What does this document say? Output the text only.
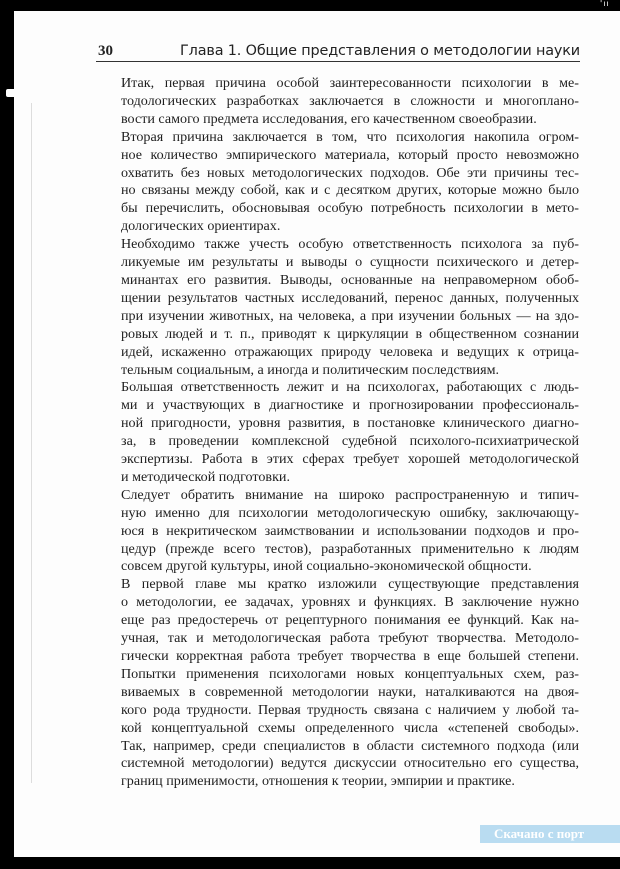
'ıı
30	Глава 1. Общие представления о методологии науки

Итак, первая причина особой заинтересованности психологии в ме-
тодологических разработках заключается в сложности и многоплано-
вости самого предмета исследования, его качественном своеобразии.

Вторая причина заключается в том, что психология накопила огром-
ное количество эмпирического материала, который просто невозможно
охватить без новых методологических подходов. Обе эти причины тес-
но связаны между собой, как и с десятком других, которые можно было
бы перечислить, обосновывая особую потребность психологии в мето-
дологических ориентирах.

Необходимо также учесть особую ответственность психолога за пуб-
ликуемые им результаты и выводы о сущности психического и детер-
минантах его развития. Выводы, основанные на неправомерном обоб-
щении результатов частных исследований, перенос данных, полученных
при изучении животных, на человека, а при изучении больных — на здо-
ровых людей и т. п., приводят к циркуляции в общественном сознании
идей, искаженно отражающих природу человека и ведущих к отрица-
тельным социальным, а иногда и политическим последствиям.

Большая ответственность лежит и на психологах, работающих с людь-
ми и участвующих в диагностике и прогнозировании профессиональ-
ной пригодности, уровня развития, в постановке клинического диагно-
за, в проведении комплексной судебной психолого-психиатрической
экспертизы. Работа в этих сферах требует хорошей методологической
и методической подготовки.

Следует обратить внимание на широко распространенную и типич-
ную именно для психологии методологическую ошибку, заключающу-
юся в некритическом заимствовании и использовании подходов и про-
цедур (прежде всего тестов), разработанных применительно к людям
совсем другой культуры, иной социально-экономической общности.

В первой главе мы кратко изложили существующие представления
о методологии, ее задачах, уровнях и функциях. В заключение нужно
еще раз предостеречь от рецептурного понимания ее функций. Как на-
учная, так и методологическая работа требуют творчества. Методоло-
гически корректная работа требует творчества в еще большей степени.
Попытки применения психологами новых концептуальных схем, раз-
виваемых в современной методологии науки, наталкиваются на двоя-
кого рода трудности. Первая трудность связана с наличием у любой та-
кой концептуальной схемы определенного числа «степеней свободы».
Так, например, среди специалистов в области системного подхода (или
системной методологии) ведутся дискуссии относительно его существа,
границ применимости, отношения к теории, эмпирии и практике.

Скачано с порт
